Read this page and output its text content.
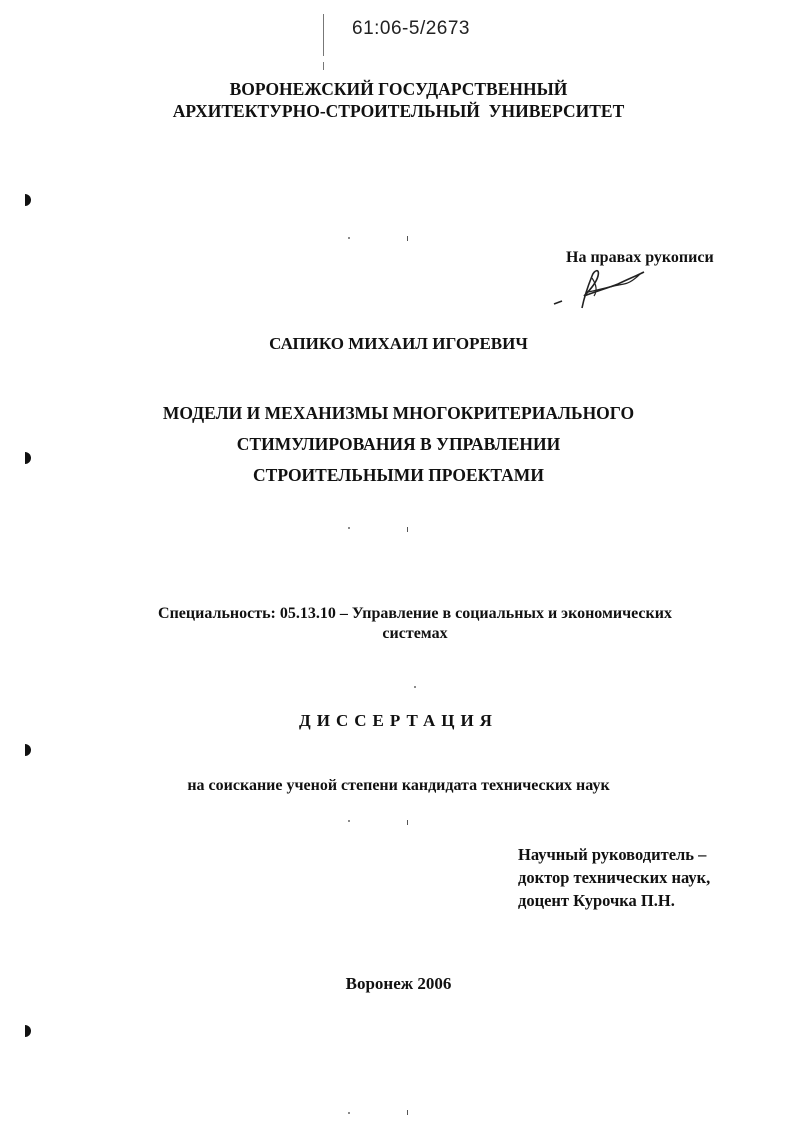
61:06-5/2673
ВОРОНЕЖСКИЙ ГОСУДАРСТВЕННЫЙ
АРХИТЕКТУРНО-СТРОИТЕЛЬНЫЙ  УНИВЕРСИТЕТ
На правах рукописи
САПИКО МИХАИЛ ИГОРЕВИЧ
МОДЕЛИ И МЕХАНИЗМЫ МНОГОКРИТЕРИАЛЬНОГО
СТИМУЛИРОВАНИЯ В УПРАВЛЕНИИ
СТРОИТЕЛЬНЫМИ ПРОЕКТАМИ
Специальность: 05.13.10 – Управление в социальных и экономических
системах
ДИССЕРТАЦИЯ
на соискание ученой степени кандидата технических наук
Научный руководитель –
доктор технических наук,
доцент Курочка П.Н.
Воронеж 2006
